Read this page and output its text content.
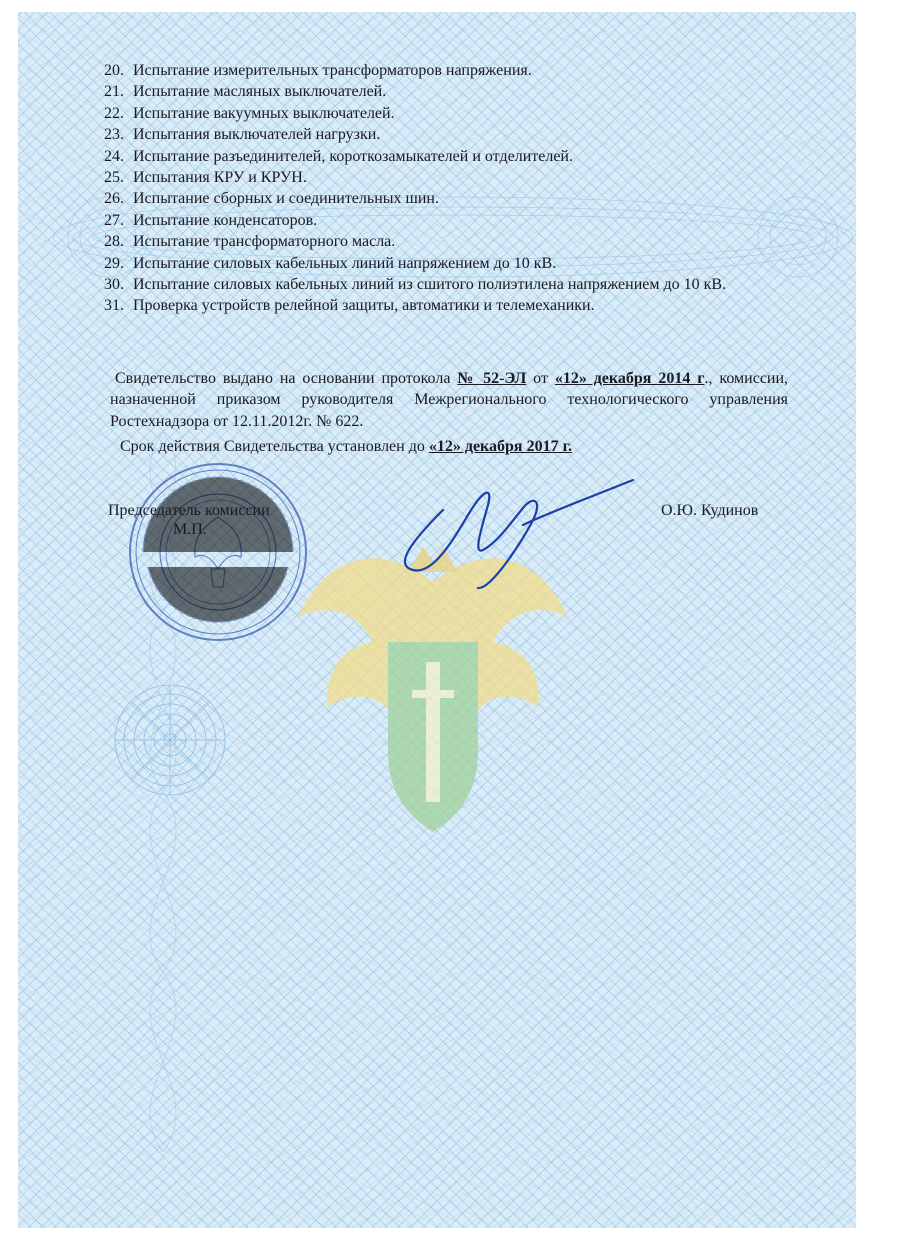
20. Испытание измерительных трансформаторов напряжения.
21. Испытание масляных выключателей.
22. Испытание вакуумных выключателей.
23. Испытания выключателей нагрузки.
24. Испытание разъединителей, короткозамыкателей и отделителей.
25. Испытания КРУ и КРУН.
26. Испытание сборных и соединительных шин.
27. Испытание конденсаторов.
28. Испытание трансформаторного масла.
29. Испытание силовых кабельных линий напряжением до 10 кВ.
30. Испытание силовых кабельных линий из сшитого полиэтилена напряжением до 10 кВ.
31. Проверка устройств релейной защиты, автоматики и телемеханики.

Свидетельство выдано на основании протокола № 52-ЭЛ от «12» декабря 2014 г., комиссии, назначенной приказом руководителя Межрегионального технологического управления Ростехнадзора от 12.11.2012г. № 622.

Срок действия Свидетельства установлен до «12» декабря 2017 г.
Председатель комиссии
М.П.
О.Ю. Кудинов
